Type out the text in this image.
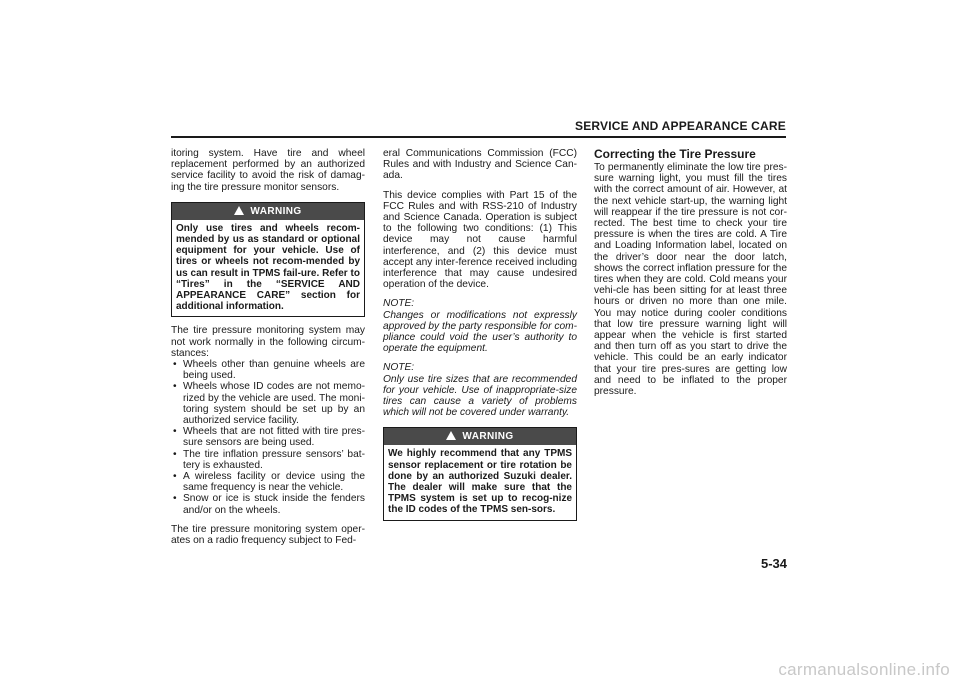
SERVICE AND APPEARANCE CARE

itoring system. Have tire and wheel replacement performed by an authorized service facility to avoid the risk of damag-ing the tire pressure monitor sensors.

WARNING
Only use tires and wheels recom-mended by us as standard or optional equipment for your vehicle. Use of tires or wheels not recom-mended by us can result in TPMS fail-ure. Refer to “Tires” in the “SERVICE AND APPEARANCE CARE” section for additional information.

The tire pressure monitoring system may not work normally in the following circum-stances:

• Wheels other than genuine wheels are being used.
• Wheels whose ID codes are not memo-rized by the vehicle are used. The moni-toring system should be set up by an authorized service facility.
• Wheels that are not fitted with tire pres-sure sensors are being used.
• The tire inflation pressure sensors’ bat-tery is exhausted.
• A wireless facility or device using the same frequency is near the vehicle.
• Snow or ice is stuck inside the fenders and/or on the wheels.

The tire pressure monitoring system oper-ates on a radio frequency subject to Fed-

eral Communications Commission (FCC) Rules and with Industry and Science Can-ada.

This device complies with Part 15 of the FCC Rules and with RSS-210 of Industry and Science Canada. Operation is subject to the following two conditions: (1) This device may not cause harmful interference, and (2) this device must accept any inter-ference received including interference that may cause undesired operation of the device.

NOTE:

Changes or modifications not expressly approved by the party responsible for com-pliance could void the user’s authority to operate the equipment.

NOTE:

Only use tire sizes that are recommended for your vehicle. Use of inappropriate-size tires can cause a variety of problems which will not be covered under warranty.

WARNING
We highly recommend that any TPMS sensor replacement or tire rotation be done by an authorized Suzuki dealer. The dealer will make sure that the TPMS system is set up to recog-nize the ID codes of the TPMS sen-sors.
Correcting the Tire Pressure

To permanently eliminate the low tire pres-sure warning light, you must fill the tires with the correct amount of air. However, at the next vehicle start-up, the warning light will reappear if the tire pressure is not cor-rected. The best time to check your tire pressure is when the tires are cold. A Tire and Loading Information label, located on the driver’s door near the door latch, shows the correct inflation pressure for the tires when they are cold. Cold means your vehi-cle has been sitting for at least three hours or driven no more than one mile. You may notice during cooler conditions that low tire pressure warning light will appear when the vehicle is first started and then turn off as you start to drive the vehicle. This could be an early indicator that your tire pres-sures are getting low and need to be inflated to the proper pressure.

5-34
carmanualsonline.info
